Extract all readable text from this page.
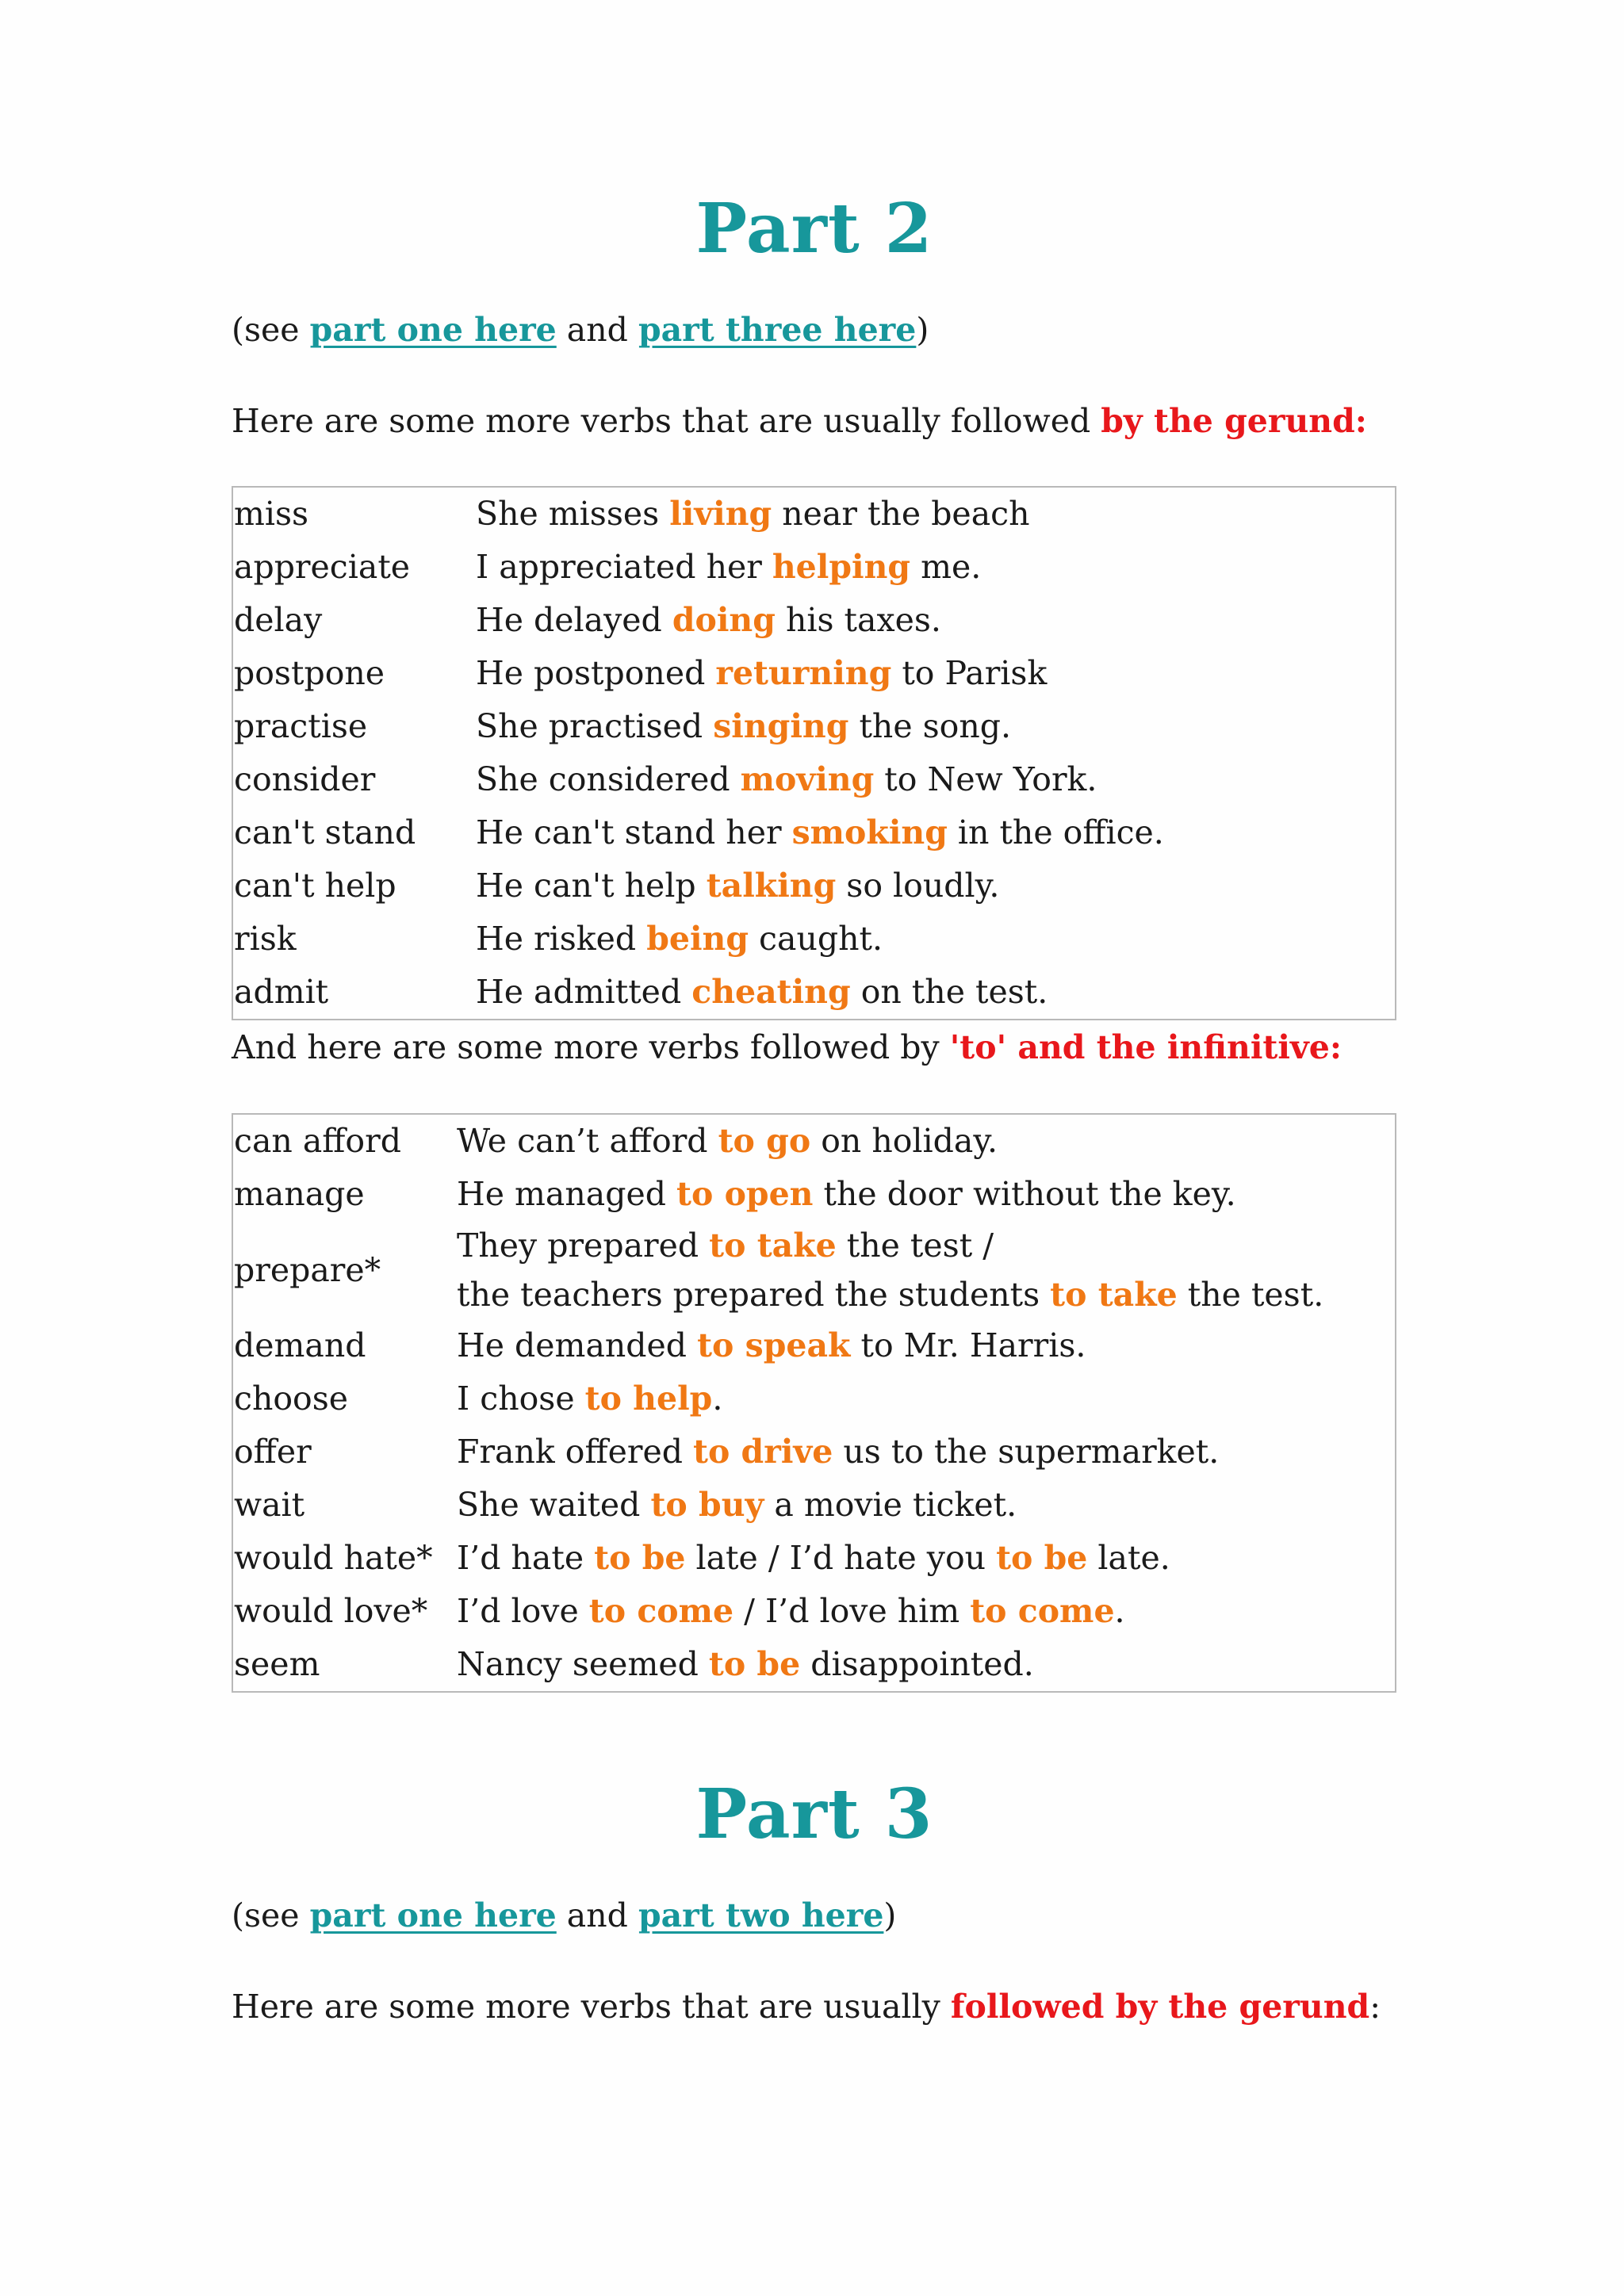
Part 2

(see part one here and part three here)

Here are some more verbs that are usually followed by the gerund:

miss	She misses living near the beach
appreciate	I appreciated her helping me.
delay	He delayed doing his taxes.
postpone	He postponed returning to Parisk
practise	She practised singing the song.
consider	She considered moving to New York.
can't stand	He can't stand her smoking in the office.
can't help	He can't help talking so loudly.
risk	He risked being caught.
admit	He admitted cheating on the test.

And here are some more verbs followed by 'to' and the infinitive:

can afford	We can’t afford to go on holiday.
manage	He managed to open the door without the key.
prepare*	They prepared to take the test /
the teachers prepared the students to take the test.

demand	He demanded to speak to Mr. Harris.
choose	I chose to help.
offer	Frank offered to drive us to the supermarket.
wait	She waited to buy a movie ticket.
would hate*	I’d hate to be late / I’d hate you to be late.
would love*	I’d love to come / I’d love him to come.
seem	Nancy seemed to be disappointed.
Part 3

(see part one here and part two here)

Here are some more verbs that are usually followed by the gerund:
